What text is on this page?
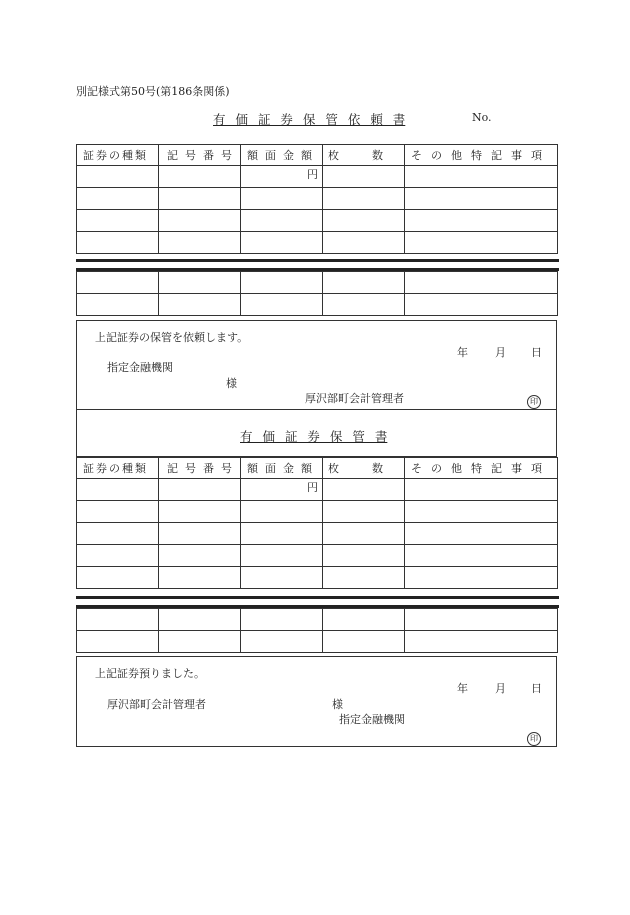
別記様式第50号(第186条関係)
有 価 証 券 保 管 依 頼 書	No.
証券の種類	記号番号	額面金額	枚　　　数	その他特記事項

		円		

上記証券の保管を依頼します。
年 月 日
指定金融機関
様
厚沢部町会計管理者	印
有 価 証 券 保 管 書
証券の種類	記号番号	額面金額	枚　　　数	その他特記事項

		円		

上記証券預りました。
年 月 日
厚沢部町会計管理者	様
指定金融機関
印
